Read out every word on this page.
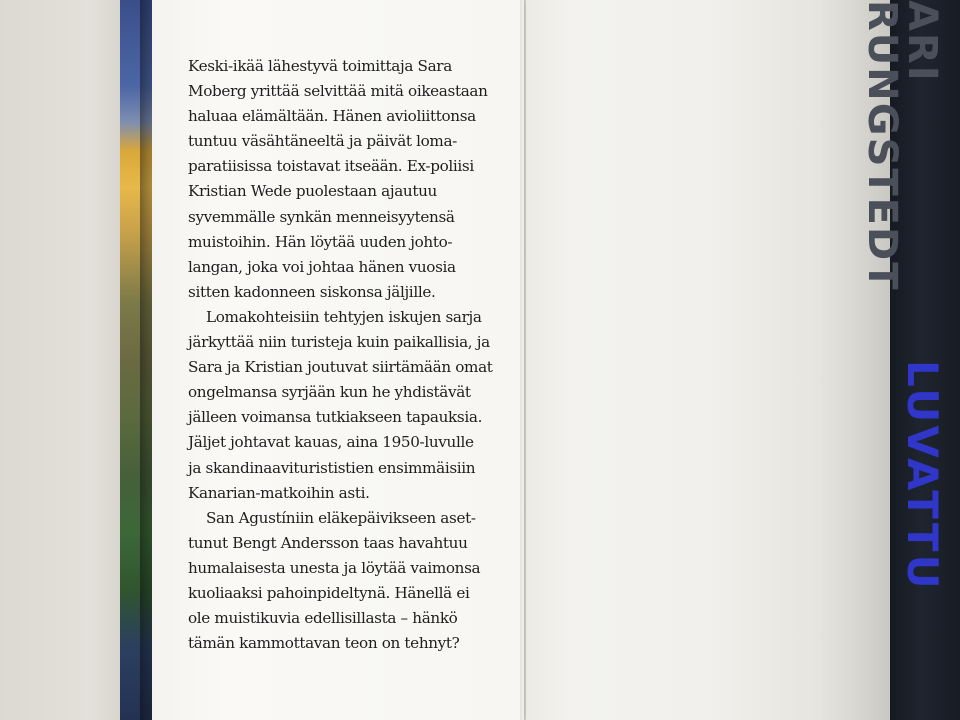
Keski-ikää lähestyvä toimittaja Sara
Moberg yrittää selvittää mitä oikeastaan
haluaa elämältään. Hänen avioliittonsa
tuntuu väsähtäneeltä ja päivät loma-
paratiisissa toistavat itseään. Ex-poliisi
Kristian Wede puolestaan ajautuu
syvemmälle synkän menneisyytensä
muistoihin. Hän löytää uuden johto-
langan, joka voi johtaa hänen vuosia
sitten kadonneen siskonsa jäljille.
Lomakohteisiin tehtyjen iskujen sarja
järkyttää niin turisteja kuin paikallisia, ja
Sara ja Kristian joutuvat siirtämään omat
ongelmansa syrjään kun he yhdistävät
jälleen voimansa tutkiakseen tapauksia.
Jäljet johtavat kauas, aina 1950-luvulle
ja skandinaaviturististien ensimmäisiin
Kanarian-matkoihin asti.
San Agustíniin eläkepäivikseen aset-
tunut Bengt Andersson taas havahtuu
humalaisesta unesta ja löytää vaimonsa
kuoliaaksi pahoinpideltynä. Hänellä ei
ole muistikuvia edellisillasta – hänkö
tämän kammottavan teon on tehnyt?
ARI RUNGSTEDT
LUVATTU
